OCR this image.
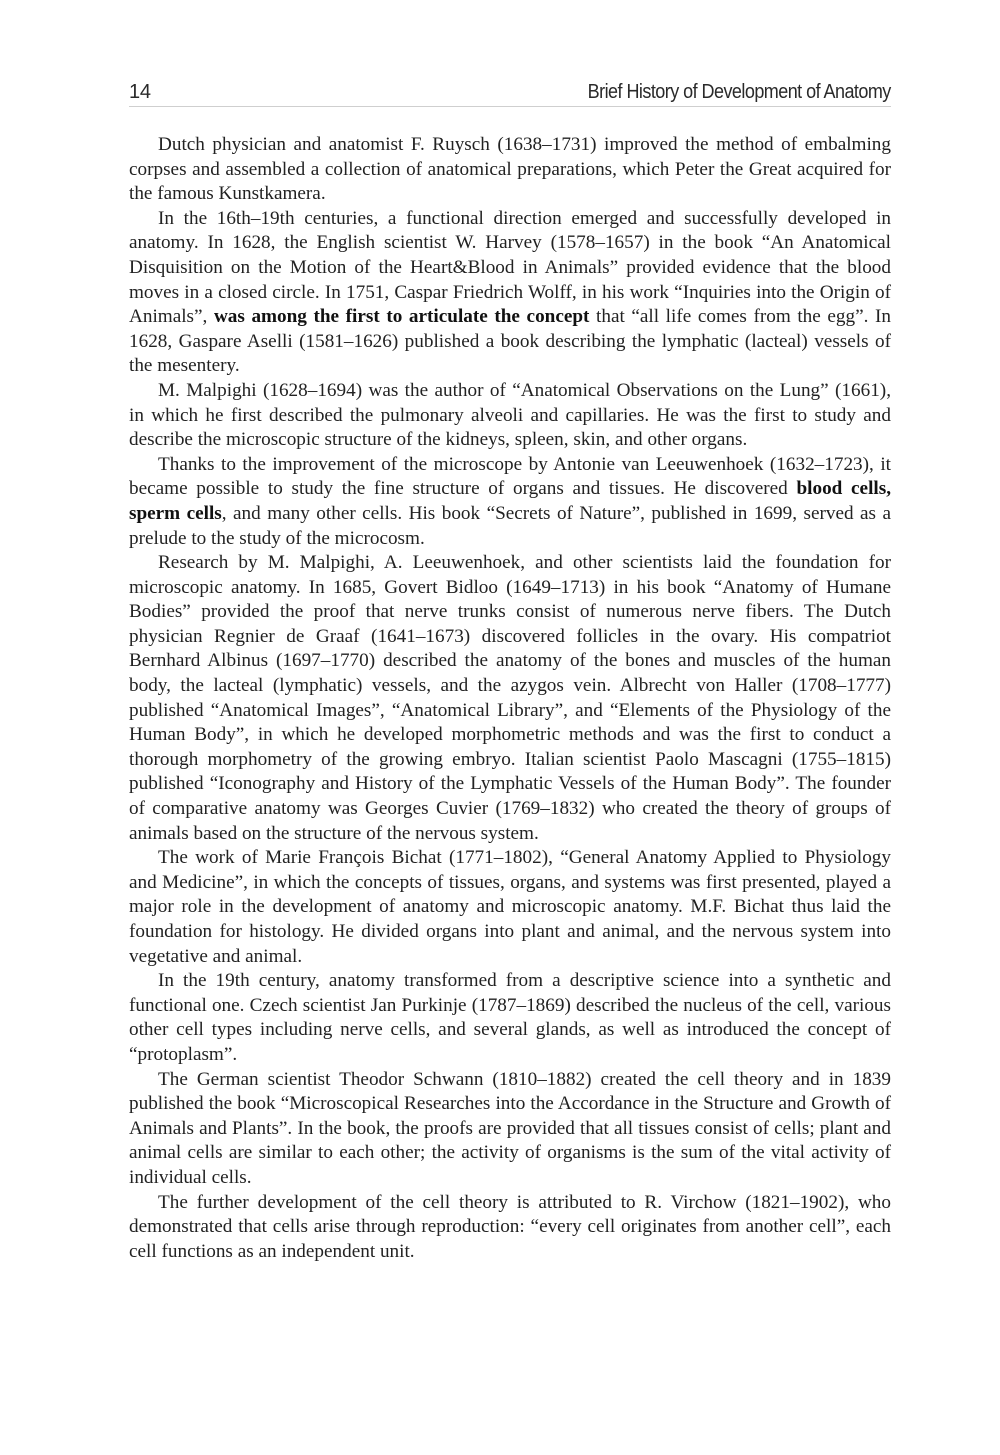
14	Brief History of Development of Anatomy

Dutch physician and anatomist F. Ruysch (1638–1731) improved the method of embalming corpses and assembled a collection of anatomical preparations, which Peter the Great acquired for the famous Kunstkamera.

In the 16th–19th centuries, a functional direction emerged and successfully developed in anatomy. In 1628, the English scientist W. Harvey (1578–1657) in the book “An Anatomical Disquisition on the Motion of the Heart&Blood in Animals” provided evidence that the blood moves in a closed circle. In 1751, Caspar Friedrich Wolff, in his work “Inquiries into the Origin of Animals”, was among the first to articulate the concept that “all life comes from the egg”. In 1628, Gaspare Aselli (1581–1626) published a book describing the lymphatic (lacteal) vessels of the mesentery.

M. Malpighi (1628–1694) was the author of “Anatomical Observations on the Lung” (1661), in which he first described the pulmonary alveoli and capillaries. He was the first to study and describe the microscopic structure of the kidneys, spleen, skin, and other organs.

Thanks to the improvement of the microscope by Antonie van Leeuwenhoek (1632–1723), it became possible to study the fine structure of organs and tissues. He discovered blood cells, sperm cells, and many other cells. His book “Secrets of Nature”, published in 1699, served as a prelude to the study of the microcosm.

Research by M. Malpighi, A. Leeuwenhoek, and other scientists laid the foundation for microscopic anatomy. In 1685, Govert Bidloo (1649–1713) in his book “Anatomy of Humane Bodies” provided the proof that nerve trunks consist of numerous nerve fibers. The Dutch physician Regnier de Graaf (1641–1673) discovered follicles in the ovary. His compatriot Bernhard Albinus (1697–1770) described the anatomy of the bones and muscles of the human body, the lacteal (lymphatic) vessels, and the azygos vein. Albrecht von Haller (1708–1777) published “Anatomical Images”, “Anatomical Library”, and “Elements of the Physiology of the Human Body”, in which he developed morphometric methods and was the first to conduct a thorough morphometry of the growing embryo. Italian scientist Paolo Mascagni (1755–1815) published “Iconography and History of the Lymphatic Vessels of the Human Body”. The founder of comparative anatomy was Georges Cuvier (1769–1832) who created the theory of groups of animals based on the structure of the nervous system.

The work of Marie François Bichat (1771–1802), “General Anatomy Applied to Physiology and Medicine”, in which the concepts of tissues, organs, and systems was first presented, played a major role in the development of anatomy and microscopic anatomy. M.F. Bichat thus laid the foundation for histology. He divided organs into plant and animal, and the nervous system into vegetative and animal.

In the 19th century, anatomy transformed from a descriptive science into a synthetic and functional one. Czech scientist Jan Purkinje (1787–1869) described the nucleus of the cell, various other cell types including nerve cells, and several glands, as well as introduced the concept of “protoplasm”.

The German scientist Theodor Schwann (1810–1882) created the cell theory and in 1839 published the book “Microscopical Researches into the Accordance in the Structure and Growth of Animals and Plants”. In the book, the proofs are provided that all tissues consist of cells; plant and animal cells are similar to each other; the activity of organisms is the sum of the vital activity of individual cells.

The further development of the cell theory is attributed to R. Virchow (1821–1902), who demonstrated that cells arise through reproduction: “every cell originates from another cell”, each cell functions as an independent unit.
